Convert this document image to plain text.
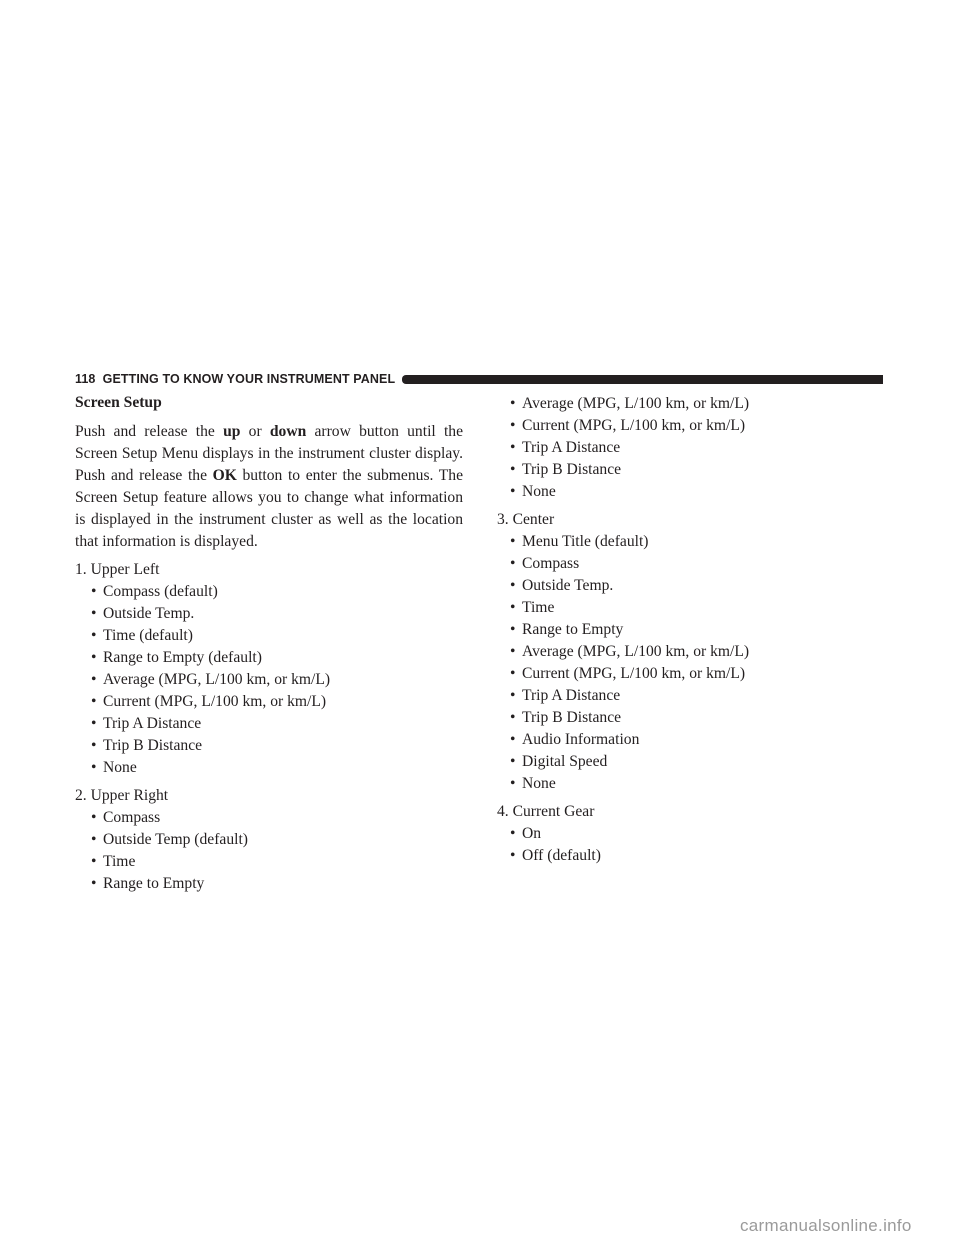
118 GETTING TO KNOW YOUR INSTRUMENT PANEL
Screen Setup

Push and release the up or down arrow button until the Screen Setup Menu displays in the instrument cluster display. Push and release the OK button to enter the submenus. The Screen Setup feature allows you to change what information is displayed in the instrument cluster as well as the location that information is displayed.

1. Upper Left
• Compass (default)
• Outside Temp.
• Time (default)
• Range to Empty (default)
• Average (MPG, L/100 km, or km/L)
• Current (MPG, L/100 km, or km/L)
• Trip A Distance
• Trip B Distance
• None
2. Upper Right
• Compass
• Outside Temp (default)
• Time
• Range to Empty
• Average (MPG, L/100 km, or km/L)
• Current (MPG, L/100 km, or km/L)
• Trip A Distance
• Trip B Distance
• None
3. Center
• Menu Title (default)
• Compass
• Outside Temp.
• Time
• Range to Empty
• Average (MPG, L/100 km, or km/L)
• Current (MPG, L/100 km, or km/L)
• Trip A Distance
• Trip B Distance
• Audio Information
• Digital Speed
• None
4. Current Gear
• On
• Off (default)
carmanualsonline.info
